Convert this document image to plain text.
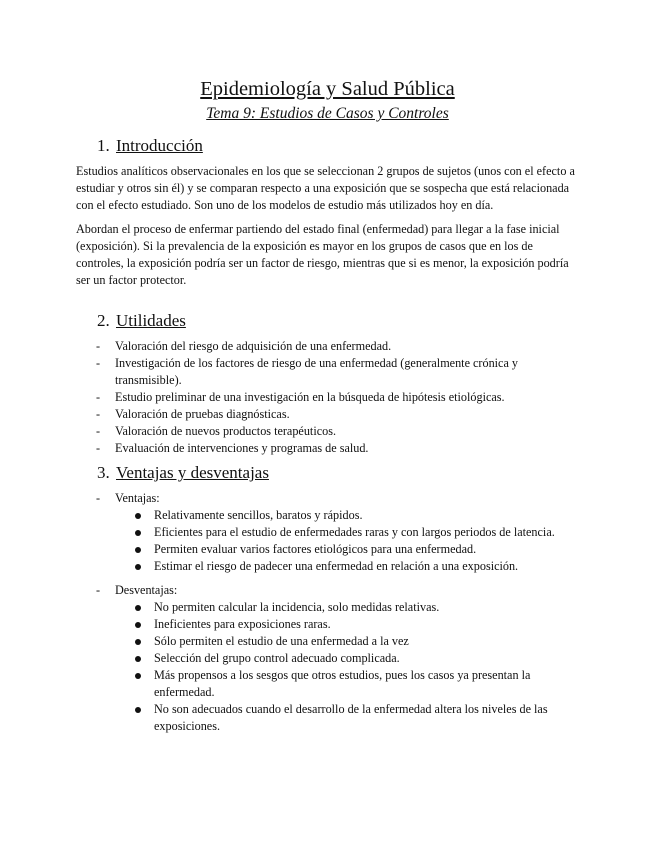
Epidemiología y Salud Pública
Tema 9: Estudios de Casos y Controles
1. Introducción

Estudios analíticos observacionales en los que se seleccionan 2 grupos de sujetos (unos con el efecto a estudiar y otros sin él) y se comparan respecto a una exposición que se sospecha que está relacionada con el efecto estudiado. Son uno de los modelos de estudio más utilizados hoy en día.

Abordan el proceso de enfermar partiendo del estado final (enfermedad) para llegar a la fase inicial (exposición). Si la prevalencia de la exposición es mayor en los grupos de casos que en los de controles, la exposición podría ser un factor de riesgo, mientras que si es menor, la exposición podría ser un factor protector.

2. Utilidades
- Valoración del riesgo de adquisición de una enfermedad.
- Investigación de los factores de riesgo de una enfermedad (generalmente crónica y transmisible).
- Estudio preliminar de una investigación en la búsqueda de hipótesis etiológicas.
- Valoración de pruebas diagnósticas.
- Valoración de nuevos productos terapéuticos.
- Evaluación de intervenciones y programas de salud.
3. Ventajas y desventajas
- Ventajas:
Relativamente sencillos, baratos y rápidos.
Eficientes para el estudio de enfermedades raras y con largos periodos de latencia.
Permiten evaluar varios factores etiológicos para una enfermedad.
Estimar el riesgo de padecer una enfermedad en relación a una exposición.
- Desventajas:
No permiten calcular la incidencia, solo medidas relativas.
Ineficientes para exposiciones raras.
Sólo permiten el estudio de una enfermedad a la vez
Selección del grupo control adecuado complicada.
Más propensos a los sesgos que otros estudios, pues los casos ya presentan la enfermedad.
No son adecuados cuando el desarrollo de la enfermedad altera los niveles de las exposiciones.
